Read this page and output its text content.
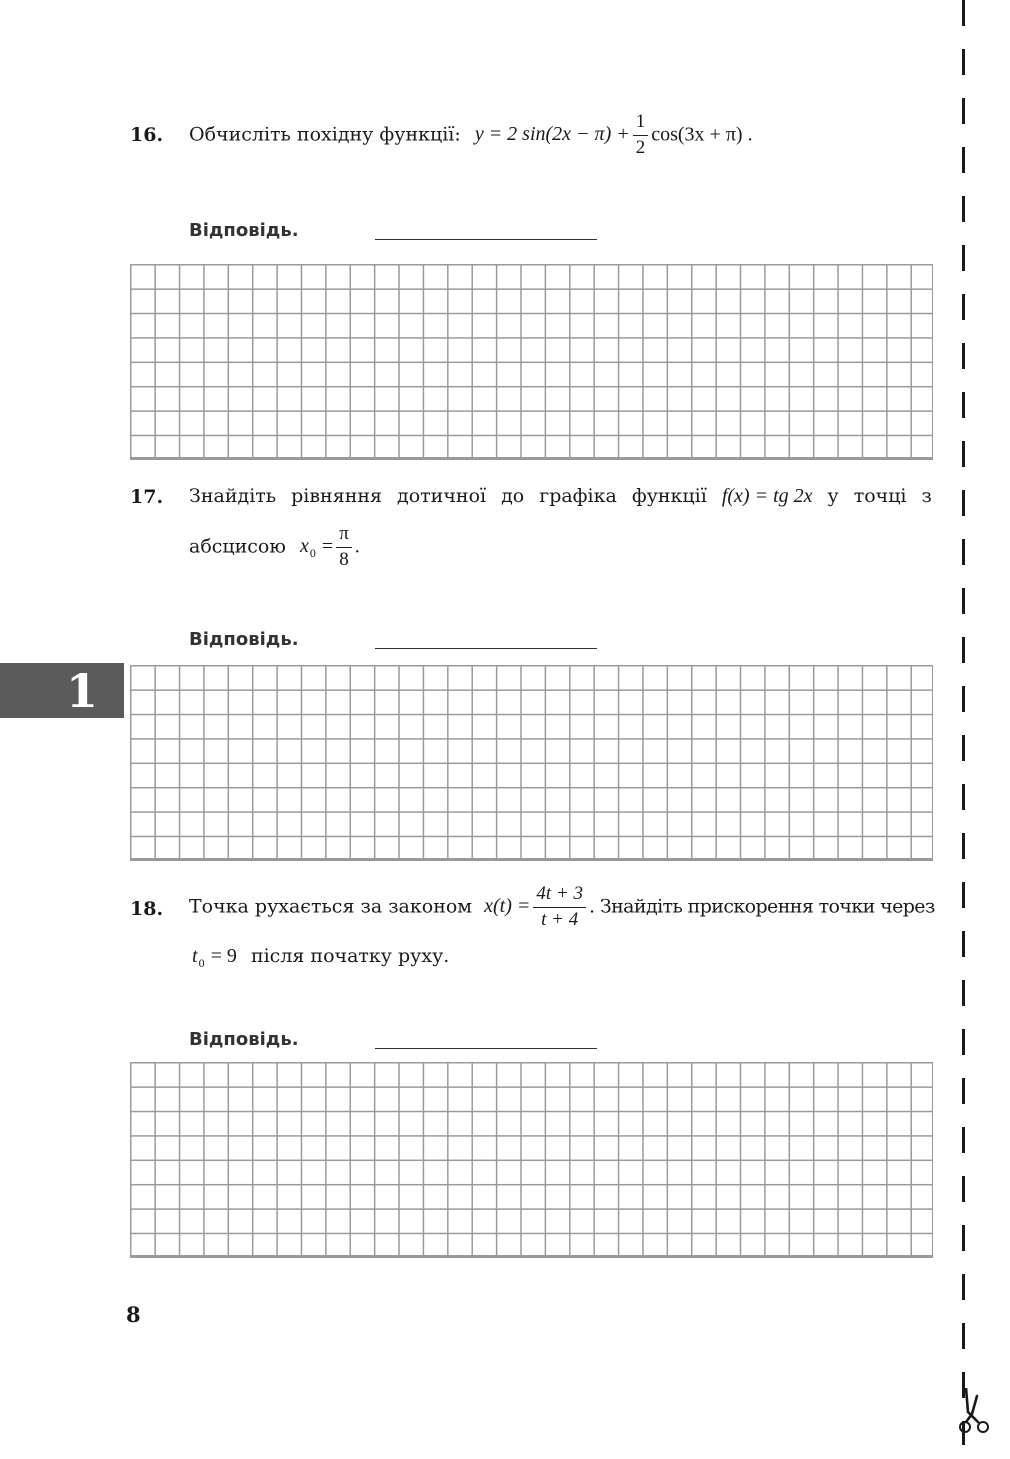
16. Обчисліть похідну функції: y = 2 $\sin(2x - \pi) + \frac{1}{2} \cos(3x + \pi)$ .
Відповідь.
17. Знайдіть рівняння дотичної до графіка функції f(x) = tg 2x у точці з
абсцисою $x_0 = \frac{\pi}{8}$ .
Відповідь.
18. Точка рухається за законом $x(t) = \frac{4t + 3}{t + 4}$ . Знайдіть прискорення точки через
$t_0 = 9$ після початку руху.
Відповідь.
1
8
